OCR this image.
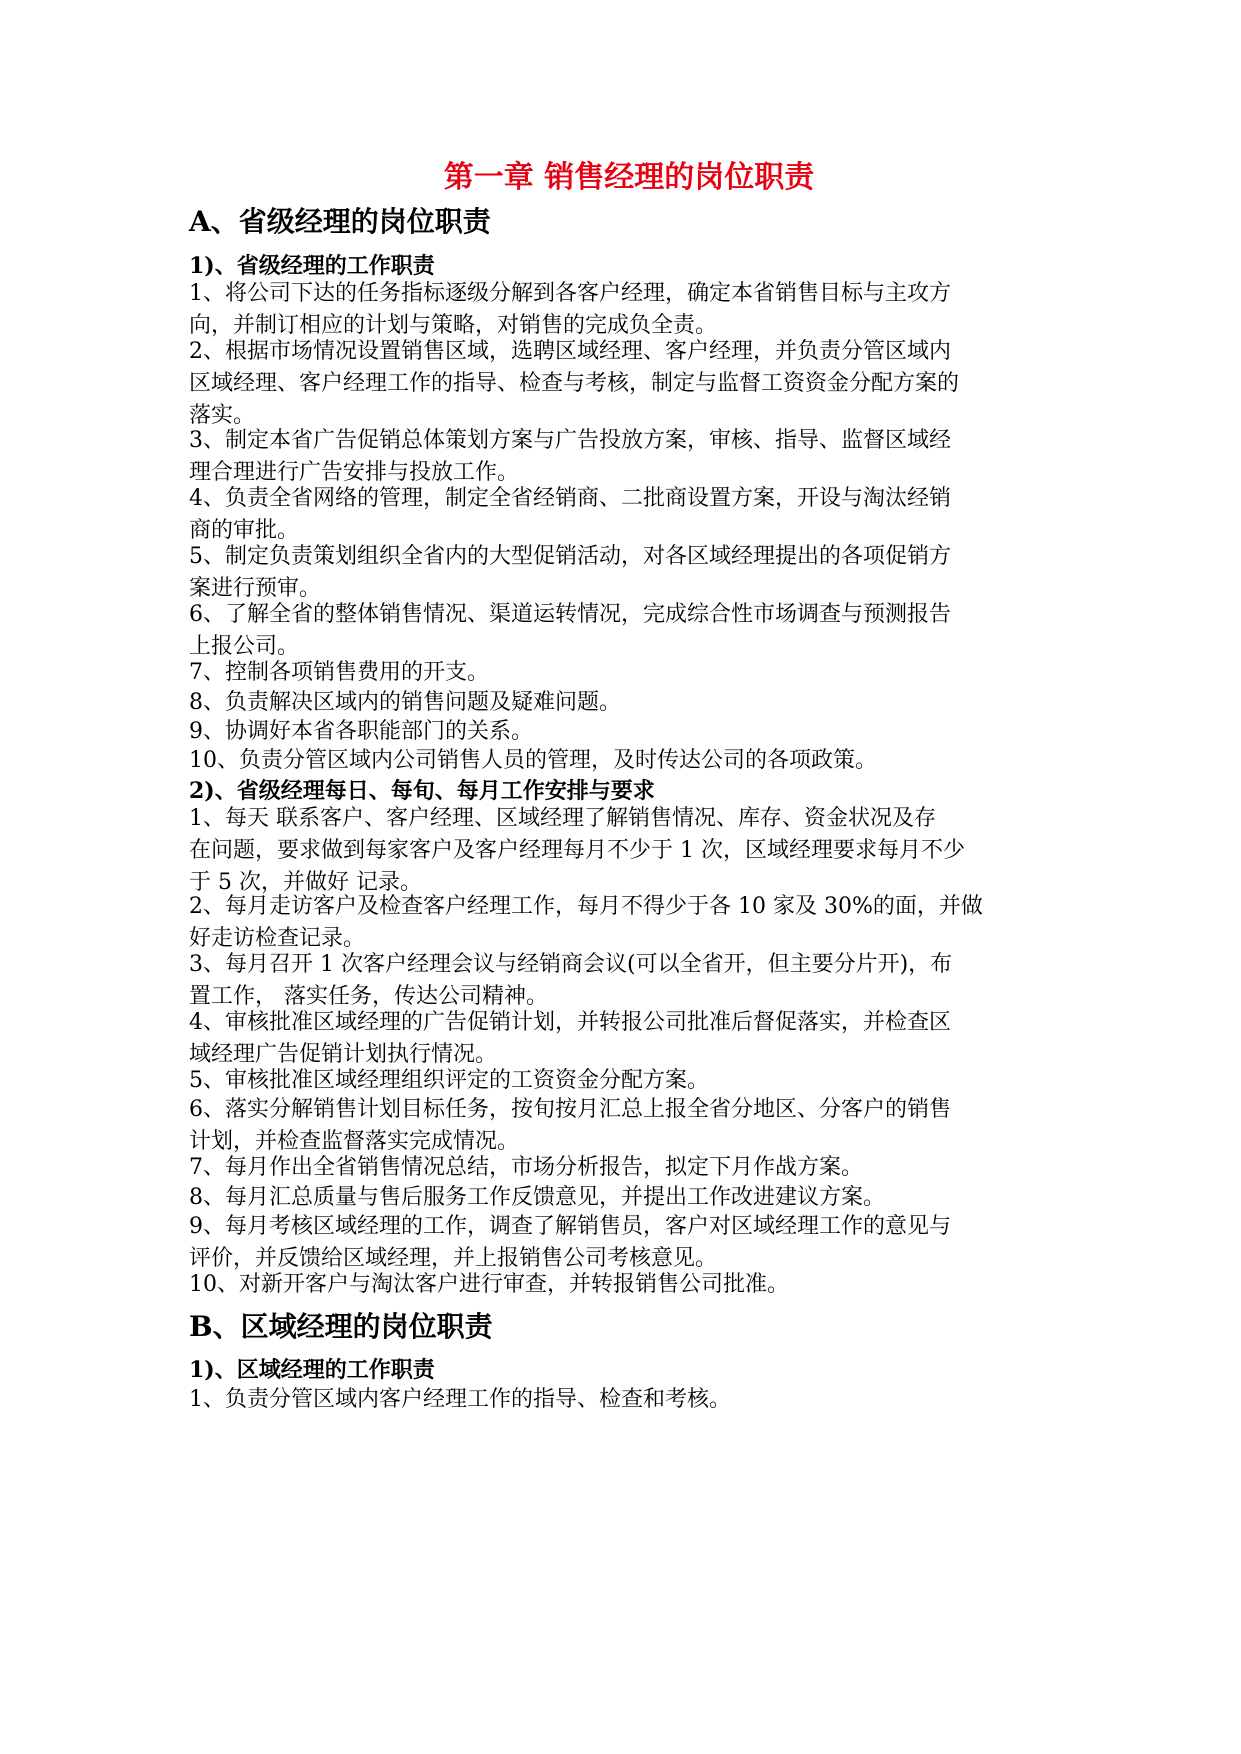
第一章 销售经理的岗位职责
A、省级经理的岗位职责
1)、省级经理的工作职责
1、将公司下达的任务指标逐级分解到各客户经理，确定本省销售目标与主攻方
向，并制订相应的计划与策略，对销售的完成负全责。
2、根据市场情况设置销售区域，选聘区域经理、客户经理，并负责分管区域内
区域经理、客户经理工作的指导、检查与考核，制定与监督工资资金分配方案的
落实。
3、制定本省广告促销总体策划方案与广告投放方案，审核、指导、监督区域经
理合理进行广告安排与投放工作。
4、负责全省网络的管理，制定全省经销商、二批商设置方案，开设与淘汰经销
商的审批。
5、制定负责策划组织全省内的大型促销活动，对各区域经理提出的各项促销方
案进行预审。
6、了解全省的整体销售情况、渠道运转情况，完成综合性市场调查与预测报告
上报公司。
7、控制各项销售费用的开支。
8、负责解决区域内的销售问题及疑难问题。
9、协调好本省各职能部门的关系。
10、负责分管区域内公司销售人员的管理，及时传达公司的各项政策。
2)、省级经理每日、每旬、每月工作安排与要求
1、每天 联系客户、客户经理、区域经理了解销售情况、库存、资金状况及存
在问题，要求做到每家客户及客户经理每月不少于 1 次，区域经理要求每月不少
于 5 次，并做好 记录。
2、每月走访客户及检查客户经理工作，每月不得少于各 10 家及 30%的面，并做
好走访检查记录。
3、每月召开 1 次客户经理会议与经销商会议(可以全省开，但主要分片开)，布
置工作， 落实任务，传达公司精神。
4、审核批准区域经理的广告促销计划，并转报公司批准后督促落实，并检查区
域经理广告促销计划执行情况。
5、审核批准区域经理组织评定的工资资金分配方案。
6、落实分解销售计划目标任务，按旬按月汇总上报全省分地区、分客户的销售
计划，并检查监督落实完成情况。
7、每月作出全省销售情况总结，市场分析报告，拟定下月作战方案。
8、每月汇总质量与售后服务工作反馈意见，并提出工作改进建议方案。
9、每月考核区域经理的工作，调查了解销售员，客户对区域经理工作的意见与
评价，并反馈给区域经理，并上报销售公司考核意见。
10、对新开客户与淘汰客户进行审查，并转报销售公司批准。
B、区域经理的岗位职责
1)、区域经理的工作职责
1、负责分管区域内客户经理工作的指导、检查和考核。
